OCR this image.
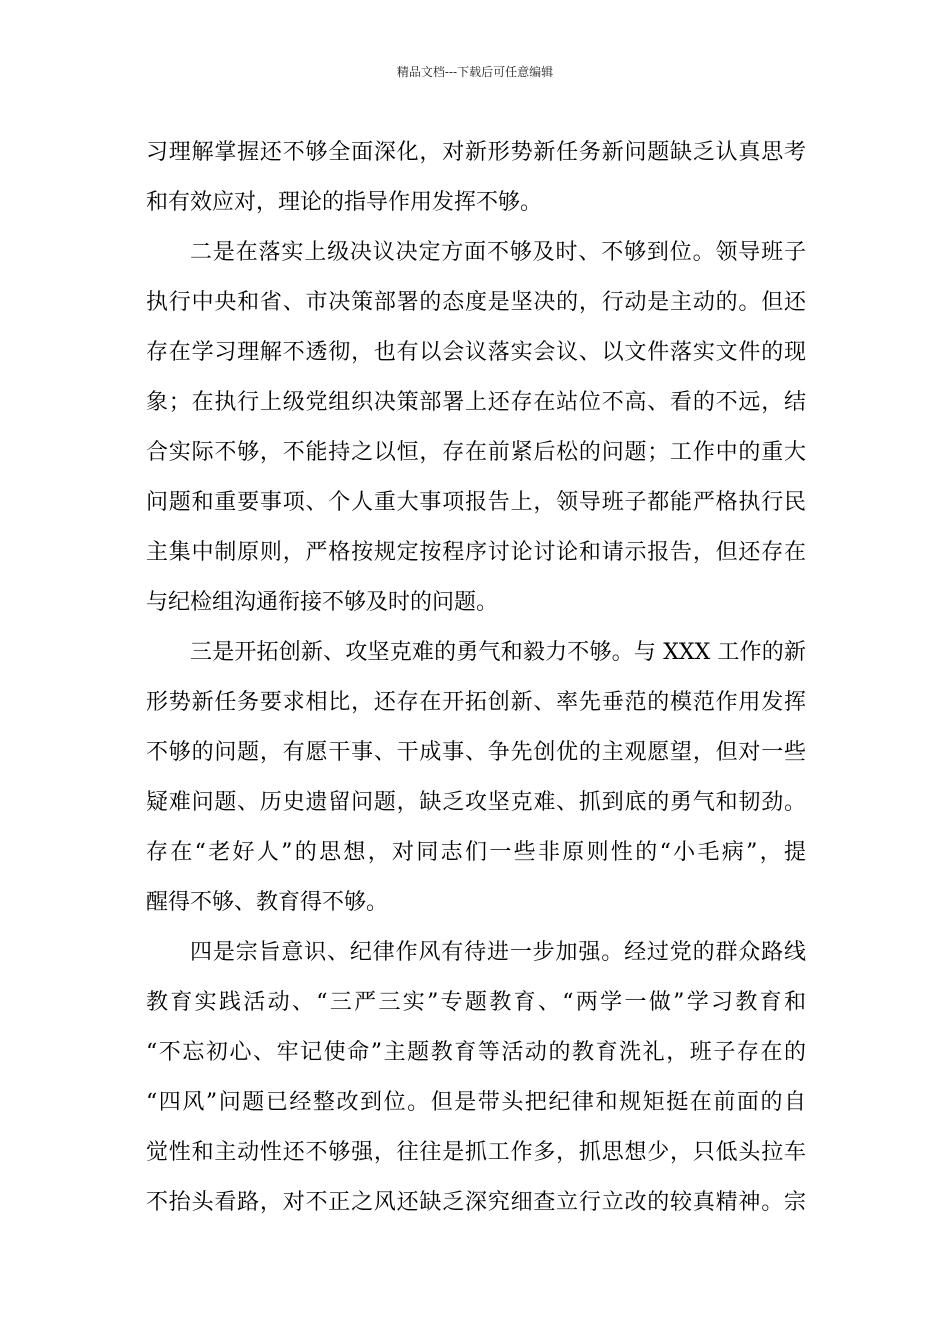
精品文档---下载后可任意编辑
习理解掌握还不够全面深化，对新形势新任务新问题缺乏认真思考
和有效应对，理论的指导作用发挥不够。
二是在落实上级决议决定方面不够及时、不够到位。领导班子
执行中央和省、市决策部署的态度是坚决的，行动是主动的。但还
存在学习理解不透彻，也有以会议落实会议、以文件落实文件的现
象；在执行上级党组织决策部署上还存在站位不高、看的不远，结
合实际不够，不能持之以恒，存在前紧后松的问题；工作中的重大
问题和重要事项、个人重大事项报告上，领导班子都能严格执行民
主集中制原则，严格按规定按程序讨论讨论和请示报告，但还存在
与纪检组沟通衔接不够及时的问题。
三是开拓创新、攻坚克难的勇气和毅力不够。与 XXX 工作的新
形势新任务要求相比，还存在开拓创新、率先垂范的模范作用发挥
不够的问题，有愿干事、干成事、争先创优的主观愿望，但对一些
疑难问题、历史遗留问题，缺乏攻坚克难、抓到底的勇气和韧劲。
存在“老好人”的思想，对同志们一些非原则性的“小毛病”，提
醒得不够、教育得不够。
四是宗旨意识、纪律作风有待进一步加强。经过党的群众路线
教育实践活动、“三严三实”专题教育、“两学一做”学习教育和
“不忘初心、牢记使命”主题教育等活动的教育洗礼，班子存在的
“四风”问题已经整改到位。但是带头把纪律和规矩挺在前面的自
觉性和主动性还不够强，往往是抓工作多，抓思想少，只低头拉车
不抬头看路，对不正之风还缺乏深究细查立行立改的较真精神。宗
